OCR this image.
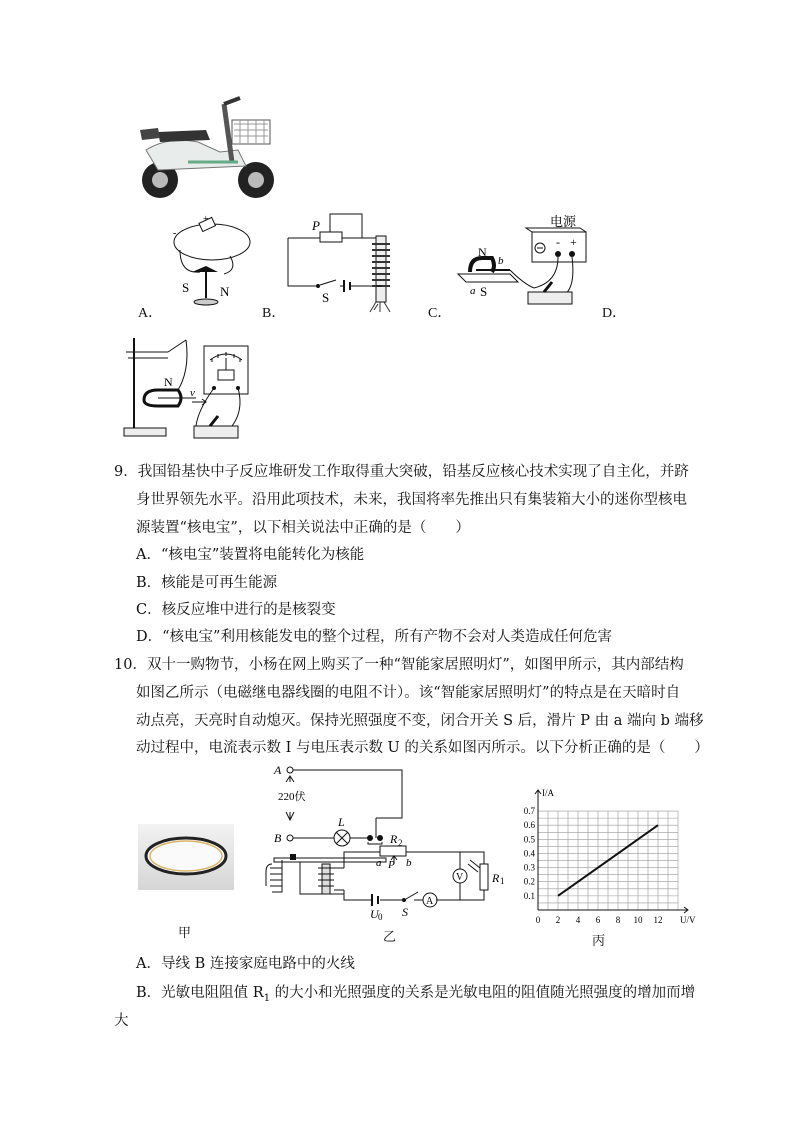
-
+
S N
A．
P
S
B．
电源
- +
N
b
a S
C．	D．
N
v
9．我国铅基快中子反应堆研发工作取得重大突破，铅基反应核心技术实现了自主化，并跻
身世界领先水平。沿用此项技术，未来，我国将率先推出只有集装箱大小的迷你型核电
源装置“核电宝”，以下相关说法中正确的是（　　）
A．“核电宝”装置将电能转化为核能
B．核能是可再生能源
C．核反应堆中进行的是核裂变
D．“核电宝”利用核能发电的整个过程，所有产物不会对人类造成任何危害
10．双十一购物节，小杨在网上购买了一种“智能家居照明灯”，如图甲所示，其内部结构
如图乙所示（电磁继电器线圈的电阻不计）。该“智能家居照明灯”的特点是在天暗时自
动点亮，天亮时自动熄灭。保持光照强度不变，闭合开关 S 后，滑片 P 由 a 端向 b 端移
动过程中，电流表示数 I 与电压表示数 U 的关系如图丙所示。以下分析正确的是（　　）
甲
A
220伏
B
L
R 2
a P b
U 0 S
A
V R 1
乙
0 2 4 6 8 10 12
0.1
0.2
0.3
0.4
0.5
0.6
0.7
I/A
U/V
丙
A．导线 B 连接家庭电路中的火线
B．光敏电阻阻值 $R_1$ 的大小和光照强度的关系是光敏电阻的阻值随光照强度的增加而增
大
